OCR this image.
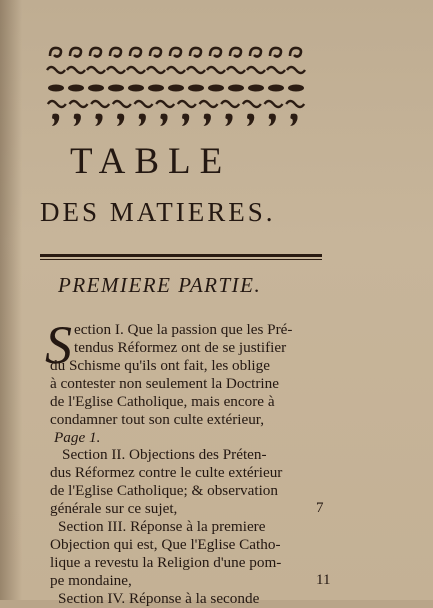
TABLE
DES MATIERES.
PREMIERE PARTIE.
S ection I. Que la passion que les Pré-
tendus Réformez ont de se justifier
du Schisme qu'ils ont fait, les oblige
à contester non seulement la Doctrine
de l'Eglise Catholique, mais encore à
condamner tout son culte extérieur,
Page 1.
Section II. Objections des Préten-
dus Réformez contre le culte extérieur
de l'Eglise Catholique; & observation
générale sur ce sujet,	7
Section III. Réponse à la premiere
Objection qui est, Que l'Eglise Catho-
lique a revestu la Religion d'une pom-
pe mondaine,	11
Section IV. Réponse à la seconde
